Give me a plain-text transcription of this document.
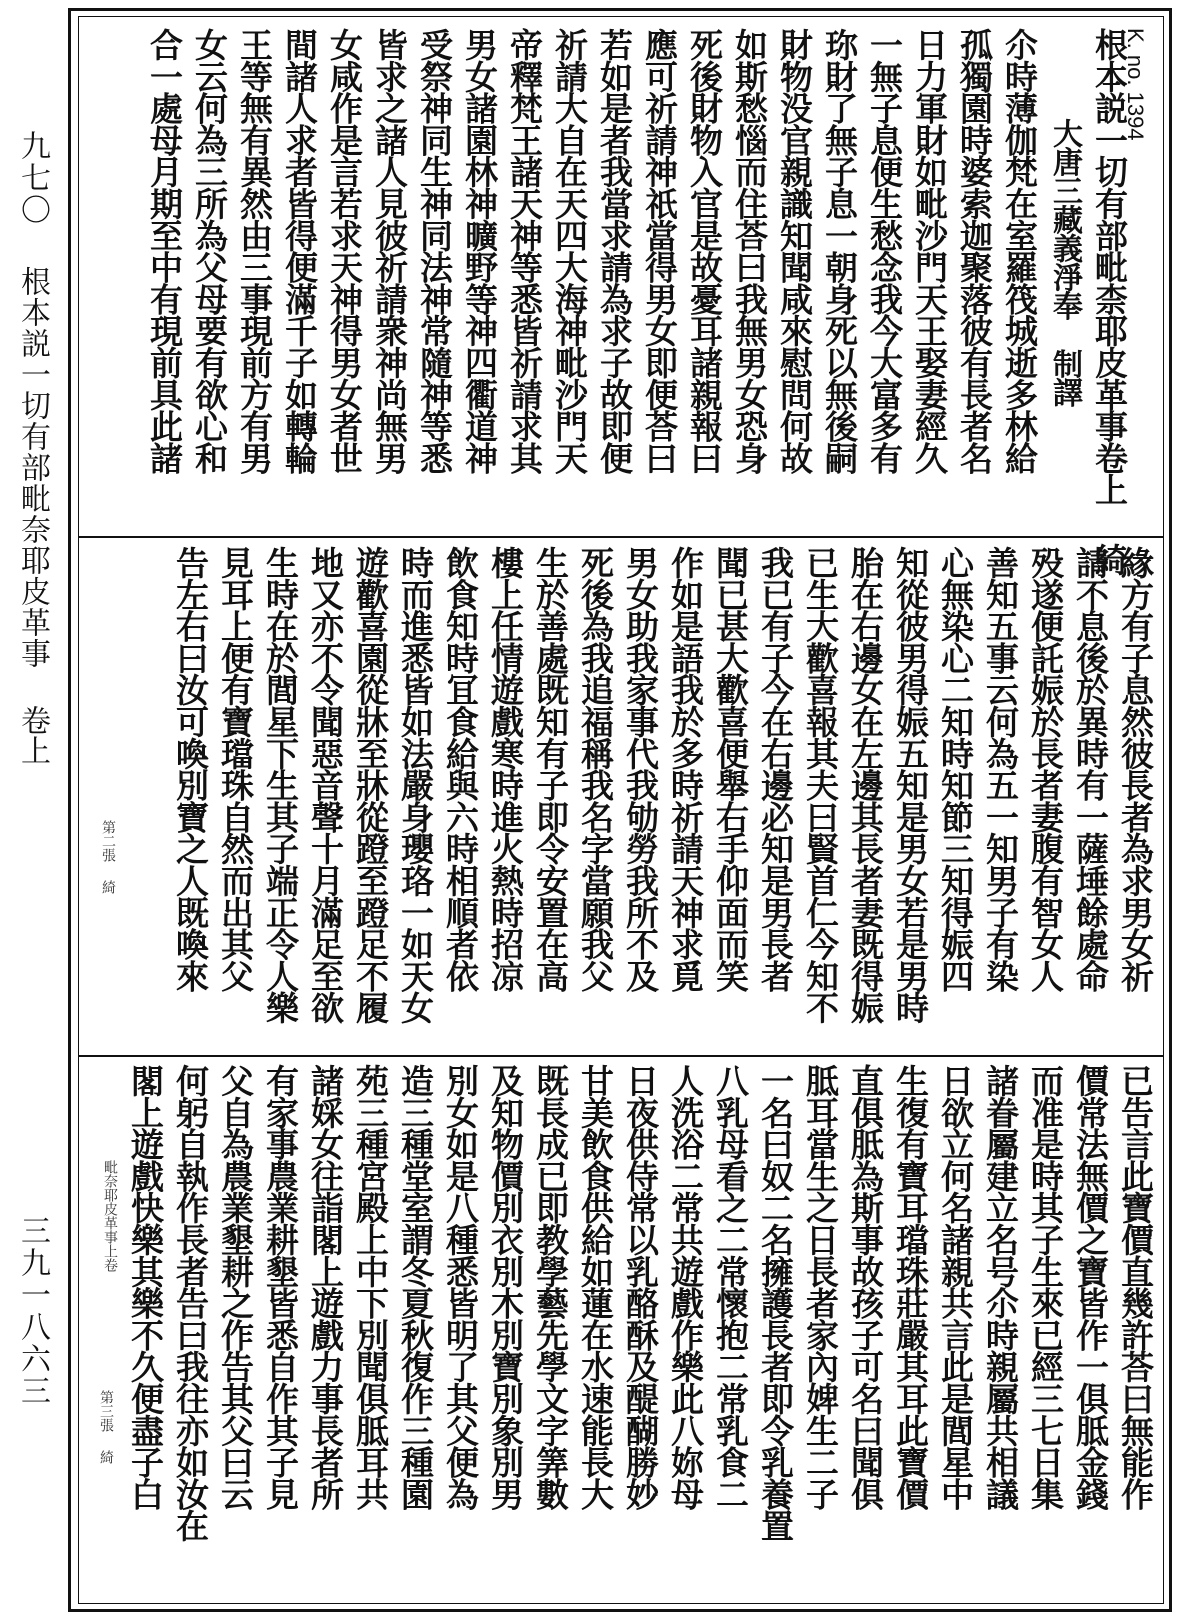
九七〇
根本説一切有部毗奈耶皮革事
卷上
三九一八六三
K. no. 1394
根本説一切有部毗柰耶皮革事卷上 綺
大唐三藏義淨奉　制譯
尒時薄伽梵在室羅筏城逝多林給
孤獨園時婆索迦聚落彼有長者名
日力軍財如毗沙門天王娶妻經久
一無子息便生愁念我今大富多有
珎財了無子息一朝身死以無後嗣
財物没官親識知聞咸來慰問何故
如斯愁惱而住荅曰我無男女恐身
死後財物入官是故憂耳諸親報曰
應可祈請神祇當得男女即便荅曰
若如是者我當求請為求子故即便
祈請大自在天四大海神毗沙門天
帝釋梵王諸天神等悉皆祈請求其
男女諸園林神曠野等神四衢道神
受祭神同生神同法神常隨神等悉
皆求之諸人見彼祈請衆神尚無男
女咸作是言若求天神得男女者世
間諸人求者皆得便滿千子如轉輪
王等無有異然由三事現前方有男
女云何為三所為父母要有欲心和
合一處母月期至中有現前具此諸
緣方有子息然彼長者為求男女祈
請不息後於異時有一薩埵餘處命
殁遂便託娠於長者妻腹有智女人
善知五事云何為五一知男子有染
心無染心二知時知節三知得娠四
知從彼男得娠五知是男女若是男時
胎在右邊女在左邊其長者妻既得娠
已生大歡喜報其夫曰賢首仁今知不
我已有子今在右邊必知是男長者
聞已甚大歡喜便舉右手仰面而笑
作如是語我於多時祈請天神求覓
男女助我家事代我劬勞我所不及
死後為我追福稱我名字當願我父
生於善處既知有子即令安置在高
樓上任情遊戲寒時進火熱時招凉
飲食知時冝食給與六時相順者依
時而進悉皆如法嚴身瓔珞一如天女
遊歡喜園從牀至牀從蹬至蹬足不履
地又亦不令聞惡音聲十月滿足至欲
生時在於閭星下生其子端正令人樂
見耳上便有寶璫珠自然而出其父
告左右曰汝可喚別寶之人既喚來
已告言此寶價直幾許荅曰無能作
價常法無價之寶皆作一俱胝金錢
而准是時其子生來已經三七日集
諸眷屬建立名号尒時親屬共相議
日欲立何名諸親共言此是閭星中
生復有寶耳璫珠莊嚴其耳此寶價
直俱胝為斯事故孩子可名曰聞俱
胝耳當生之日長者家內婢生二子
一名曰奴二名擁護長者即令乳養置
八乳母看之二常懷抱二常乳食二
人洗浴二常共遊戲作樂此八妳母
日夜供侍常以乳酪酥及醍醐勝妙
甘美飲食供給如蓮在水速能長大
既長成已即教學藝先學文字筭數
及知物價別衣別木別寶別象別男
別女如是八種悉皆明了其父便為
造三種堂室謂冬夏秋復作三種園
苑三種宮殿上中下別聞俱胝耳共
諸婇女往詣閣上遊戲力事長者所
有家事農業耕墾皆悉自作其子見
父自為農業墾耕之作告其父曰云
何躬自執作長者告曰我往亦如汝在
閣上遊戲快樂其樂不久便盡子白
第二張
綺
第三張
綺
毗奈耶皮革事上卷
